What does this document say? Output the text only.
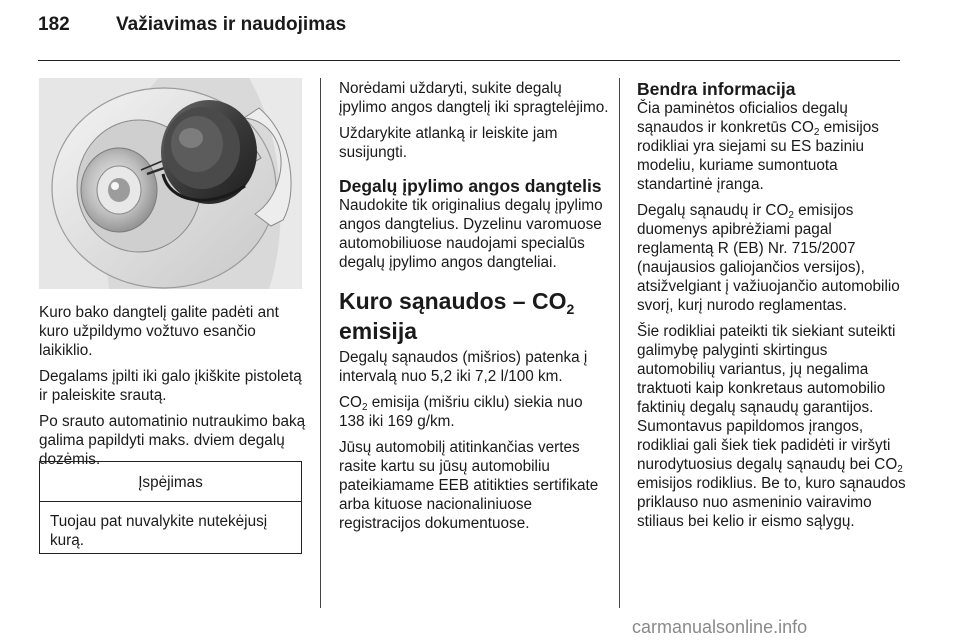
182 Važiavimas ir naudojimas

Kuro bako dangtelį galite padėti ant kuro užpildymo vožtuvo esančio laikiklio.

Degalams įpilti iki galo įkiškite pistoletą ir paleiskite srautą.

Po srauto automatinio nutraukimo baką galima papildyti maks. dviem degalų dozėmis.

Įspėjimas
Tuojau pat nuvalykite nutekėjusį kurą.

Norėdami uždaryti, sukite degalų įpylimo angos dangtelį iki spragtelėjimo.

Uždarykite atlanką ir leiskite jam susijungti.

Degalų įpylimo angos dangtelis

Naudokite tik originalius degalų įpylimo angos dangtelius. Dyzelinu varomuose automobiliuose naudojami specialūs degalų įpylimo angos dangteliai.

Kuro sąnaudos – $CO_2$
emisija

Degalų sąnaudos (mišrios) patenka į intervalą nuo 5,2 iki 7,2 l/100 km.

$CO_2$ emisija (mišriu ciklu) siekia nuo 138 iki 169 g/km.

Jūsų automobilį atitinkančias vertes rasite kartu su jūsų automobiliu pateikiamame EEB atitikties sertifikate arba kituose nacionaliniuose registracijos dokumentuose.

Bendra informacija

Čia paminėtos oficialios degalų sąnaudos ir konkretūs $CO_2$ emisijos rodikliai yra siejami su ES baziniu modeliu, kuriame sumontuota standartinė įranga.

Degalų sąnaudų ir $CO_2$ emisijos duomenys apibrėžiami pagal reglamentą R (EB) Nr. 715/2007 (naujausios galiojančios versijos), atsižvelgiant į važiuojančio automobilio svorį, kurį nurodo reglamentas.

Šie rodikliai pateikti tik siekiant suteikti galimybę palyginti skirtingus automobilių variantus, jų negalima traktuoti kaip konkretaus automobilio faktinių degalų sąnaudų garantijos. Sumontavus papildomos įrangos, rodikliai gali šiek tiek padidėti ir viršyti nurodytuosius degalų sąnaudų bei $CO_2$ emisijos rodiklius. Be to, kuro sąnaudos priklauso nuo asmeninio vairavimo stiliaus bei kelio ir eismo sąlygų.

carmanualsonline.info
